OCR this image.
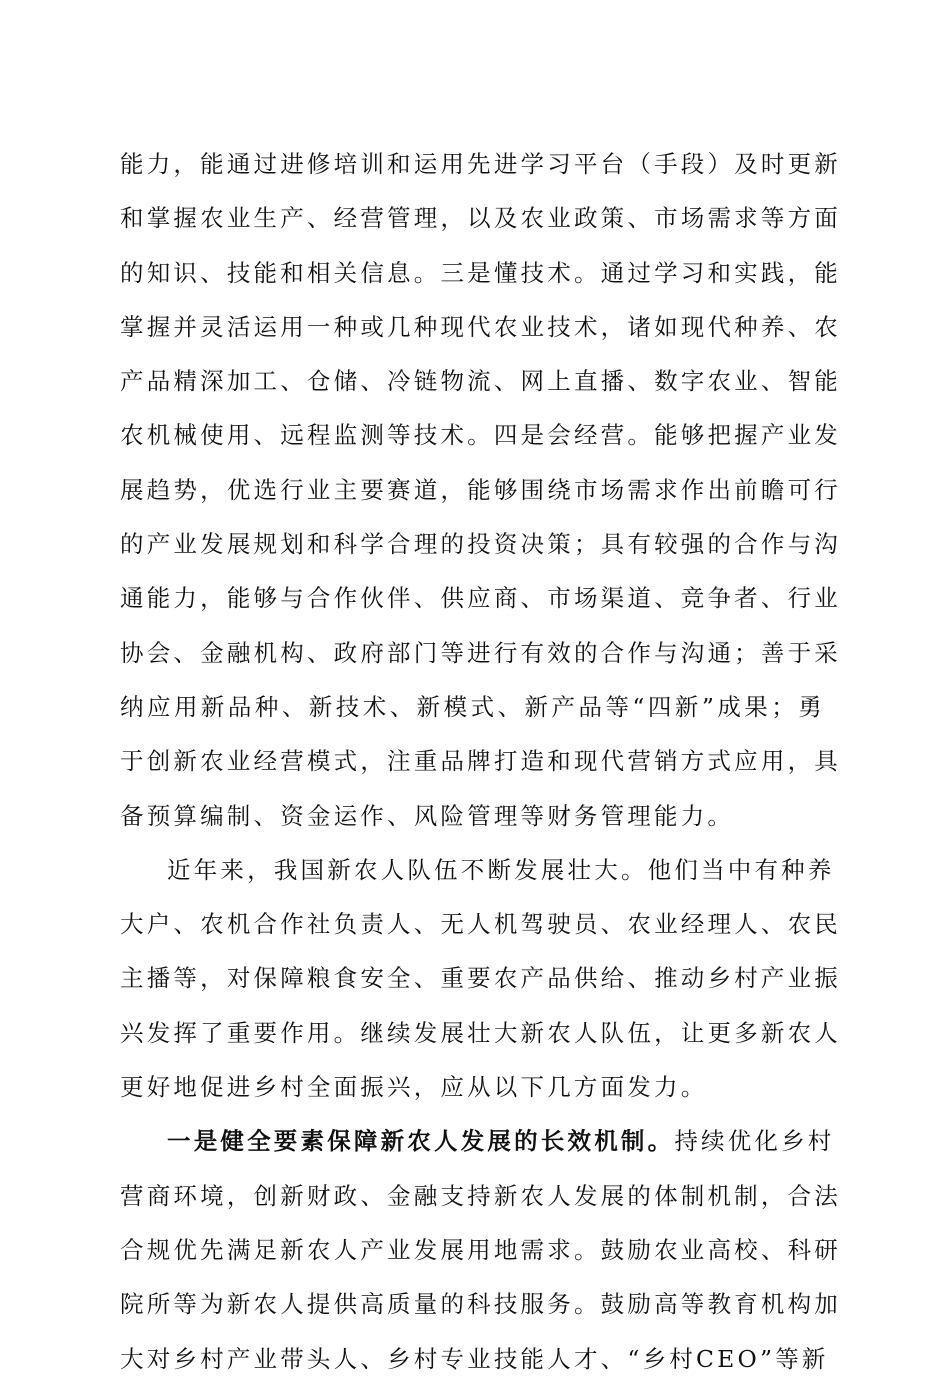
能 力 ， 能 通 过 进 修 培 训 和 运 用 先 进 学 习 平 台 （ 手 段 ） 及 时 更 新
和 掌 握 农 业 生 产 、 经 营 管 理 ， 以 及 农 业 政 策 、 市 场 需 求 等 方 面
的 知 识 、 技 能 和 相 关 信 息 。 三 是 懂 技 术 。 通 过 学 习 和 实 践 ， 能
掌 握 并 灵 活 运 用 一 种 或 几 种 现 代 农 业 技 术 ， 诸 如 现 代 种 养 、 农
产 品 精 深 加 工 、 仓 储 、 冷 链 物 流 、 网 上 直 播 、 数 字 农 业 、 智 能
农 机 械 使 用 、 远 程 监 测 等 技 术 。 四 是 会 经 营 。 能 够 把 握 产 业 发
展 趋 势 ， 优 选 行 业 主 要 赛 道 ， 能 够 围 绕 市 场 需 求 作 出 前 瞻 可 行
的 产 业 发 展 规 划 和 科 学 合 理 的 投 资 决 策 ； 具 有 较 强 的 合 作 与 沟
通 能 力 ， 能 够 与 合 作 伙 伴 、 供 应 商 、 市 场 渠 道 、 竞 争 者 、 行 业
协 会 、 金 融 机 构 、 政 府 部 门 等 进 行 有 效 的 合 作 与 沟 通 ； 善 于 采
纳 应 用 新 品 种 、 新 技 术 、 新 模 式 、 新 产 品 等 “ 四 新 ” 成 果 ； 勇
于 创 新 农 业 经 营 模 式 ， 注 重 品 牌 打 造 和 现 代 营 销 方 式 应 用 ， 具
备预算编制、资金运作、风险管理等财务管理能力。
近 年 来 ， 我 国 新 农 人 队 伍 不 断 发 展 壮 大 。 他 们 当 中 有 种 养
大 户 、 农 机 合 作 社 负 责 人 、 无 人 机 驾 驶 员 、 农 业 经 理 人 、 农 民
主 播 等 ， 对 保 障 粮 食 安 全 、 重 要 农 产 品 供 给 、 推 动 乡 村 产 业 振
兴 发 挥 了 重 要 作 用 。 继 续 发 展 壮 大 新 农 人 队 伍 ， 让 更 多 新 农 人
更好地促进乡村全面振兴，应从以下几方面发力。
一是健全要素保障新农人发展的长效机制。 持续优化乡村
营 商 环 境 ， 创 新 财 政 、 金 融 支 持 新 农 人 发 展 的 体 制 机 制 ， 合 法
合 规 优 先 满 足 新 农 人 产 业 发 展 用 地 需 求 。 鼓 励 农 业 高 校 、 科 研
院 所 等 为 新 农 人 提 供 高 质 量 的 科 技 服 务 。 鼓 励 高 等 教 育 机 构 加
大 对 乡 村 产 业 带 头 人 、 乡 村 专 业 技 能 人 才 、 “ 乡 村 C E O ” 等 新
